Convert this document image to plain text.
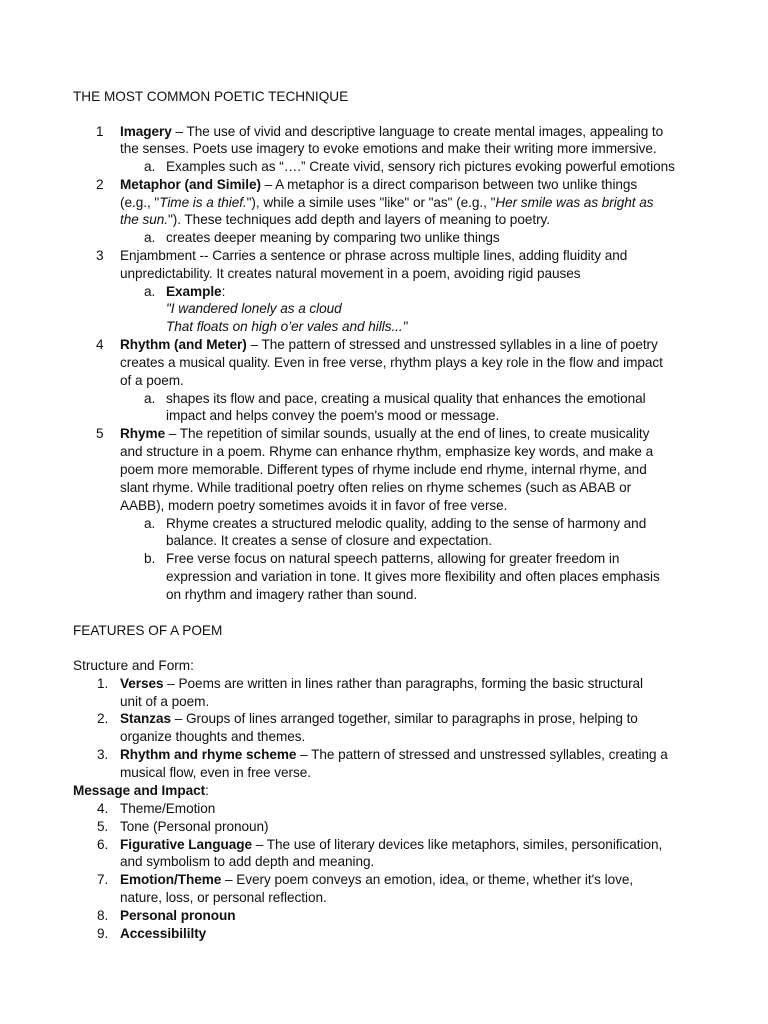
THE MOST COMMON POETIC TECHNIQUE
1 Imagery – The use of vivid and descriptive language to create mental images, appealing to
the senses. Poets use imagery to evoke emotions and make their writing more immersive.
a. Examples such as “….” Create vivid, sensory rich pictures evoking powerful emotions
2 Metaphor (and Simile) – A metaphor is a direct comparison between two unlike things
(e.g., "Time is a thief."), while a simile uses "like" or "as" (e.g., "Her smile was as bright as
the sun."). These techniques add depth and layers of meaning to poetry.
a. creates deeper meaning by comparing two unlike things
3 Enjambment -- Carries a sentence or phrase across multiple lines, adding fluidity and
unpredictability. It creates natural movement in a poem, avoiding rigid pauses
a. Example:
"I wandered lonely as a cloud
That floats on high o’er vales and hills..."
4 Rhythm (and Meter) – The pattern of stressed and unstressed syllables in a line of poetry
creates a musical quality. Even in free verse, rhythm plays a key role in the flow and impact
of a poem.
a. shapes its flow and pace, creating a musical quality that enhances the emotional
impact and helps convey the poem's mood or message.
5 Rhyme – The repetition of similar sounds, usually at the end of lines, to create musicality
and structure in a poem. Rhyme can enhance rhythm, emphasize key words, and make a
poem more memorable. Different types of rhyme include end rhyme, internal rhyme, and
slant rhyme. While traditional poetry often relies on rhyme schemes (such as ABAB or
AABB), modern poetry sometimes avoids it in favor of free verse.
a. Rhyme creates a structured melodic quality, adding to the sense of harmony and
balance. It creates a sense of closure and expectation.
b. Free verse focus on natural speech patterns, allowing for greater freedom in
expression and variation in tone. It gives more flexibility and often places emphasis
on rhythm and imagery rather than sound.
FEATURES OF A POEM
Structure and Form:
1. Verses – Poems are written in lines rather than paragraphs, forming the basic structural
unit of a poem.
2. Stanzas – Groups of lines arranged together, similar to paragraphs in prose, helping to
organize thoughts and themes.
3. Rhythm and rhyme scheme – The pattern of stressed and unstressed syllables, creating a
musical flow, even in free verse.
Message and Impact:
4. Theme/Emotion
5. Tone (Personal pronoun)
6. Figurative Language – The use of literary devices like metaphors, similes, personification,
and symbolism to add depth and meaning.
7. Emotion/Theme – Every poem conveys an emotion, idea, or theme, whether it's love,
nature, loss, or personal reflection.
8. Personal pronoun
9. Accessibililty
